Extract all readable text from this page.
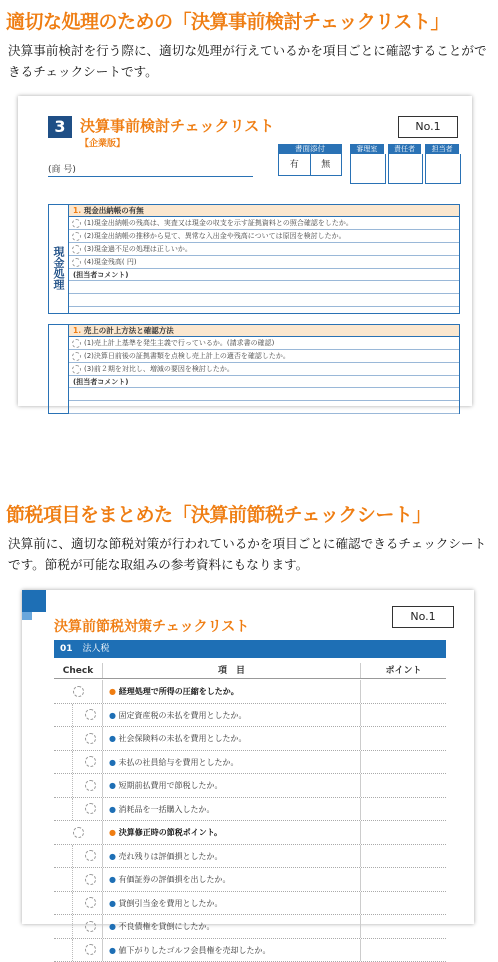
適切な処理のための「決算事前検討チェックリスト」
決算事前検討を行う際に、適切な処理が行えているかを項目ごとに確認することができるチェックシートです。
3 決算事前検討チェックリスト
【企業版】
No.1
書面添付
有	無
審理室	責任者	担当者
(商 号)
現金処理
1. 現金出納帳の有無
(1)現金出納帳の残高は、実査又は現金の収支を示す証拠資料との照合確認をしたか。
(2)現金出納帳の推移から見て、異常な入出金や残高については原因を検討したか。
(3)現金過不足の処理は正しいか。
(4)現金残高( 円)
(担当者コメント)
1. 売上の計上方法と確認方法
(1)売上計上基準を発生主義で行っているか。(請求書の確認)
(2)決算日前後の証拠書類を点検し売上計上の適否を確認したか。
(3)前２期を対比し、増減の要因を検討したか。
(担当者コメント)
節税項目をまとめた「決算前節税チェックシート」
決算前に、適切な節税対策が行われているかを項目ごとに確認できるチェックシートです。節税が可能な取組みの参考資料にもなります。
決算前節税対策チェックリスト
No.1
01 法人税
Check	項　目	ポイント
● 経理処理で所得の圧縮をしたか。
● 固定資産税の未払を費用としたか。
● 社会保険料の未払を費用としたか。
● 未払の社員給与を費用としたか。
● 短期前払費用で節税したか。
● 消耗品を一括購入したか。
● 決算修正時の節税ポイント。
● 売れ残りは評価損としたか。
● 有価証券の評価損を出したか。
● 貸倒引当金を費用としたか。
● 不良債権を貸倒にしたか。
● 値下がりしたゴルフ会員権を売却したか。
